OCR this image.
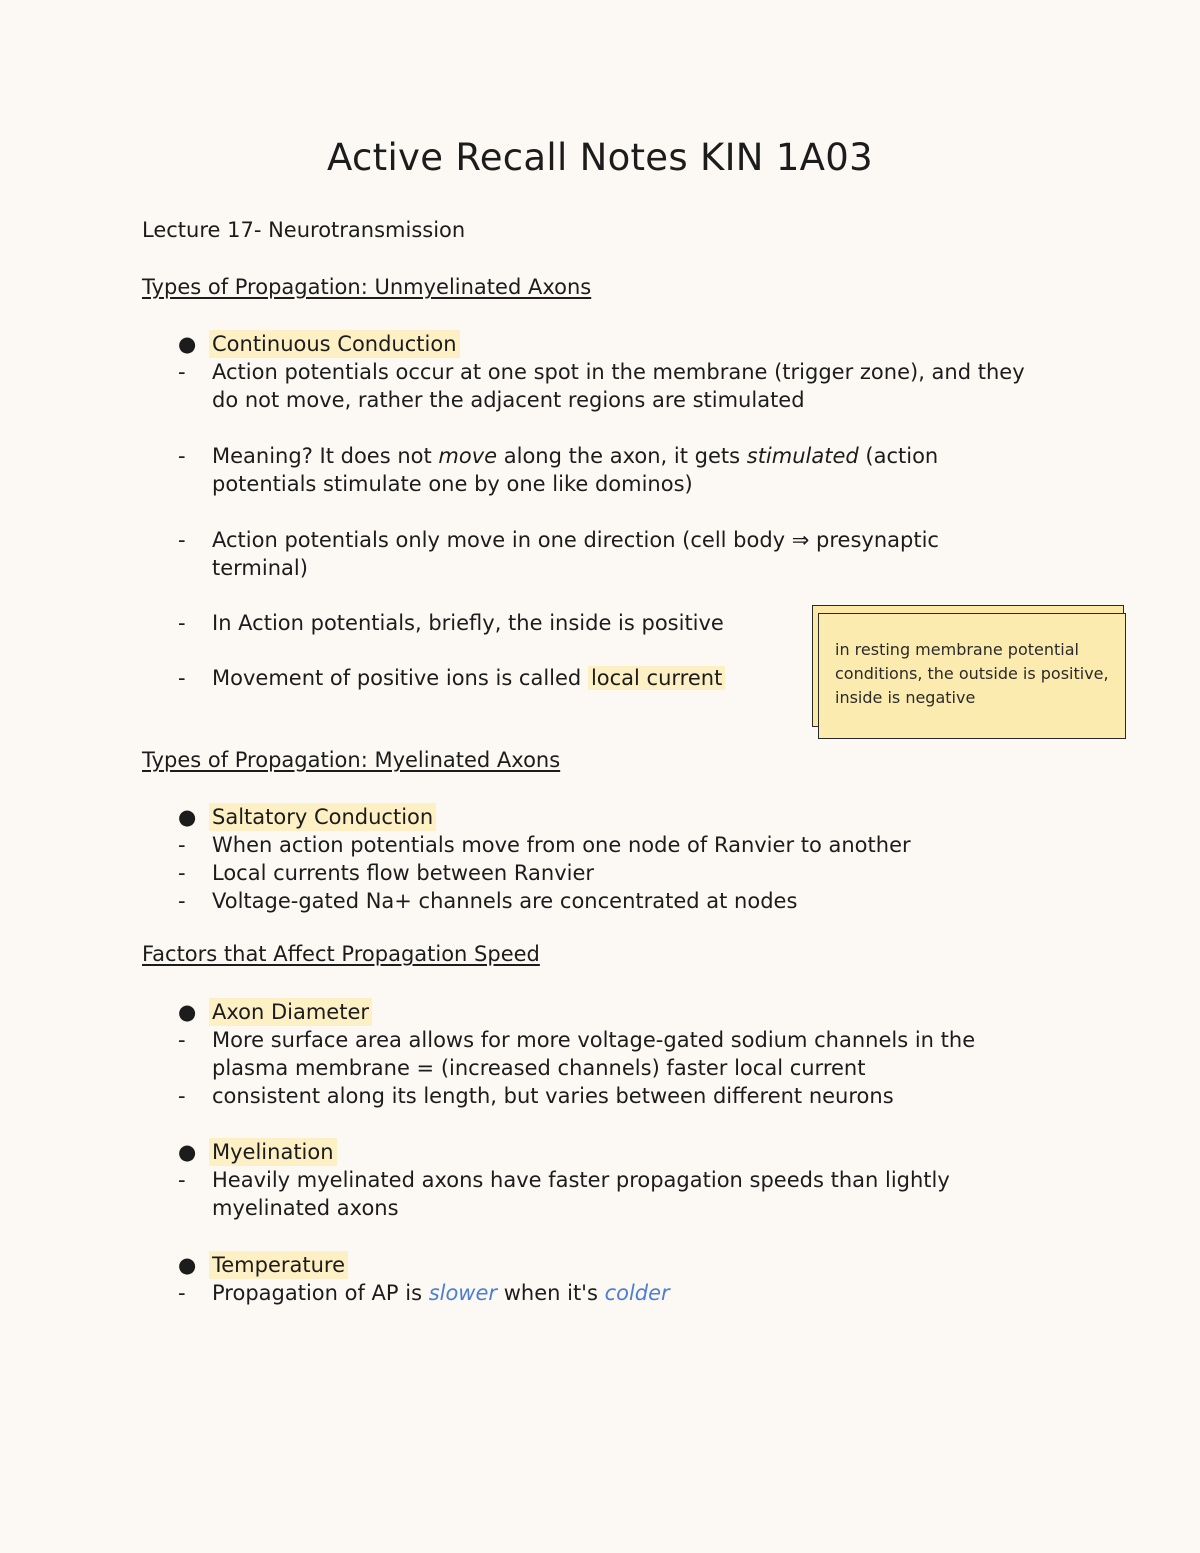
Active Recall Notes KIN 1A03
Lecture 17- Neurotransmission
Types of Propagation: Unmyelinated Axons
● Continuous Conduction
- Action potentials occur at one spot in the membrane (trigger zone), and they do not move, rather the adjacent regions are stimulated
- Meaning? It does not move along the axon, it gets stimulated (action potentials stimulate one by one like dominos)
- Action potentials only move in one direction (cell body ⇒ presynaptic terminal)
- In Action potentials, briefly, the inside is positive
- Movement of positive ions is called local current
in resting membrane potential conditions, the outside is positive, inside is negative
Types of Propagation: Myelinated Axons
● Saltatory Conduction
- When action potentials move from one node of Ranvier to another
- Local currents flow between Ranvier
- Voltage-gated Na+ channels are concentrated at nodes
Factors that Affect Propagation Speed
● Axon Diameter
- More surface area allows for more voltage-gated sodium channels in the plasma membrane = (increased channels) faster local current
- consistent along its length, but varies between different neurons
● Myelination
- Heavily myelinated axons have faster propagation speeds than lightly myelinated axons
● Temperature
- Propagation of AP is slower when it's colder
